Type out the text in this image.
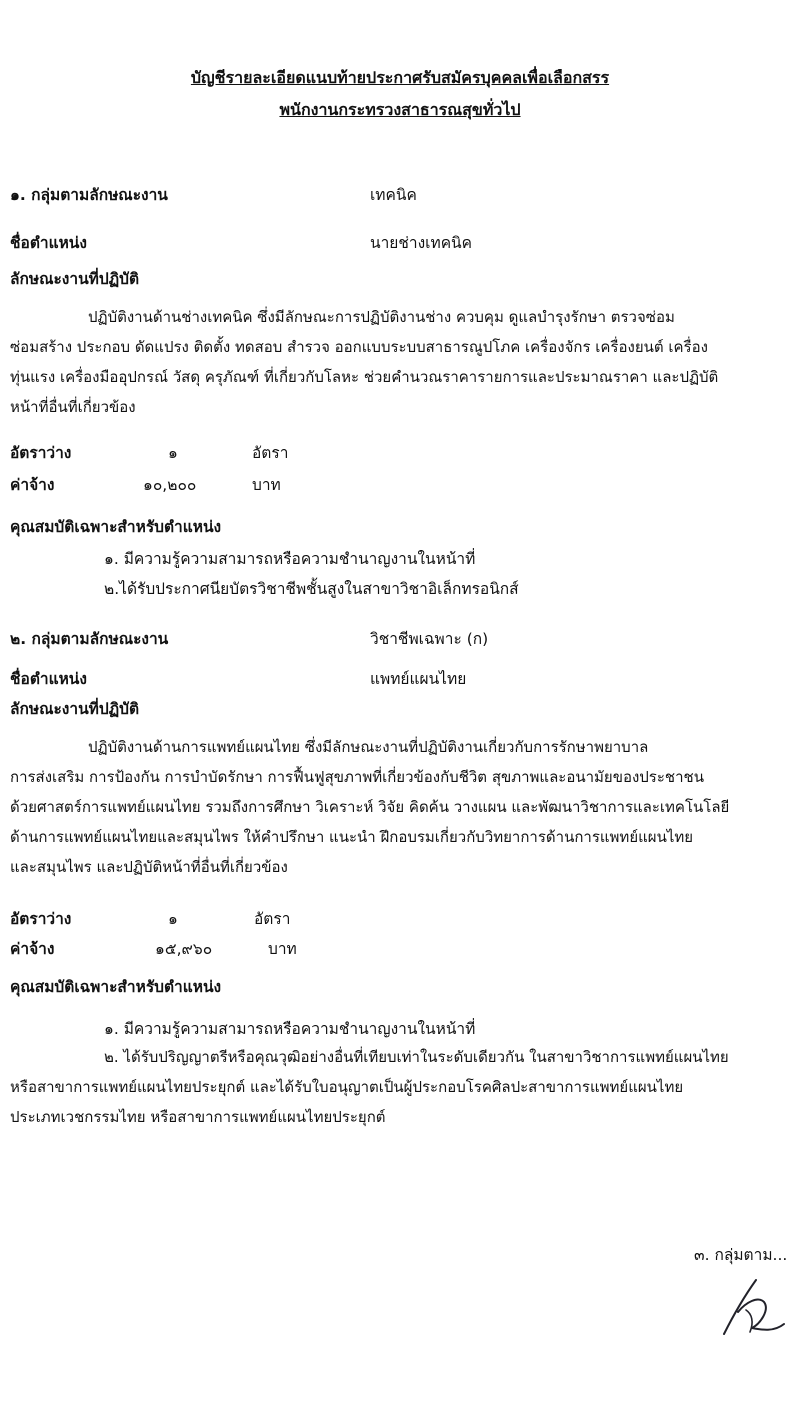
บัญชีรายละเอียดแนบท้ายประกาศรับสมัครบุคคลเพื่อเลือกสรร

พนักงานกระทรวงสาธารณสุขทั่วไป

๑. กลุ่มตามลักษณะงาน	เทคนิค
ชื่อตำแหน่ง	นายช่างเทคนิค
ลักษณะงานที่ปฏิบัติ
ปฏิบัติงานด้านช่างเทคนิค ซึ่งมีลักษณะการปฏิบัติงานช่าง ควบคุม ดูแลบำรุงรักษา ตรวจซ่อม
ซ่อมสร้าง ประกอบ ดัดแปรง ติดตั้ง ทดสอบ สำรวจ ออกแบบระบบสาธารณูปโภค เครื่องจักร เครื่องยนต์ เครื่อง
ทุ่นแรง เครื่องมืออุปกรณ์ วัสดุ ครุภัณฑ์ ที่เกี่ยวกับโลหะ ช่วยคำนวณราคารายการและประมาณราคา และปฏิบัติ
หน้าที่อื่นที่เกี่ยวข้อง
อัตราว่าง	๑	อัตรา
ค่าจ้าง	๑๐,๒๐๐	บาท
คุณสมบัติเฉพาะสำหรับตำแหน่ง
๑. มีความรู้ความสามารถหรือความชำนาญงานในหน้าที่
๒.ได้รับประกาศนียบัตรวิชาชีพชั้นสูงในสาขาวิชาอิเล็กทรอนิกส์
๒. กลุ่มตามลักษณะงาน	วิชาชีพเฉพาะ (ก)
ชื่อตำแหน่ง	แพทย์แผนไทย
ลักษณะงานที่ปฏิบัติ
ปฏิบัติงานด้านการแพทย์แผนไทย ซึ่งมีลักษณะงานที่ปฏิบัติงานเกี่ยวกับการรักษาพยาบาล
การส่งเสริม การป้องกัน การบำบัดรักษา การฟื้นฟูสุขภาพที่เกี่ยวข้องกับชีวิต สุขภาพและอนามัยของประชาชน
ด้วยศาสตร์การแพทย์แผนไทย รวมถึงการศึกษา วิเคราะห์ วิจัย คิดค้น วางแผน และพัฒนาวิชาการและเทคโนโลยี
ด้านการแพทย์แผนไทยและสมุนไพร ให้คำปรึกษา แนะนำ ฝึกอบรมเกี่ยวกับวิทยาการด้านการแพทย์แผนไทย
และสมุนไพร และปฏิบัติหน้าที่อื่นที่เกี่ยวข้อง
อัตราว่าง	๑	อัตรา
ค่าจ้าง	๑๕,๙๖๐	บาท
คุณสมบัติเฉพาะสำหรับตำแหน่ง
๑. มีความรู้ความสามารถหรือความชำนาญงานในหน้าที่
๒. ได้รับปริญญาตรีหรือคุณวุฒิอย่างอื่นที่เทียบเท่าในระดับเดียวกัน ในสาขาวิชาการแพทย์แผนไทย
หรือสาขาการแพทย์แผนไทยประยุกต์ และได้รับใบอนุญาตเป็นผู้ประกอบโรคศิลปะสาขาการแพทย์แผนไทย
ประเภทเวชกรรมไทย หรือสาขาการแพทย์แผนไทยประยุกต์
๓. กลุ่มตาม...
